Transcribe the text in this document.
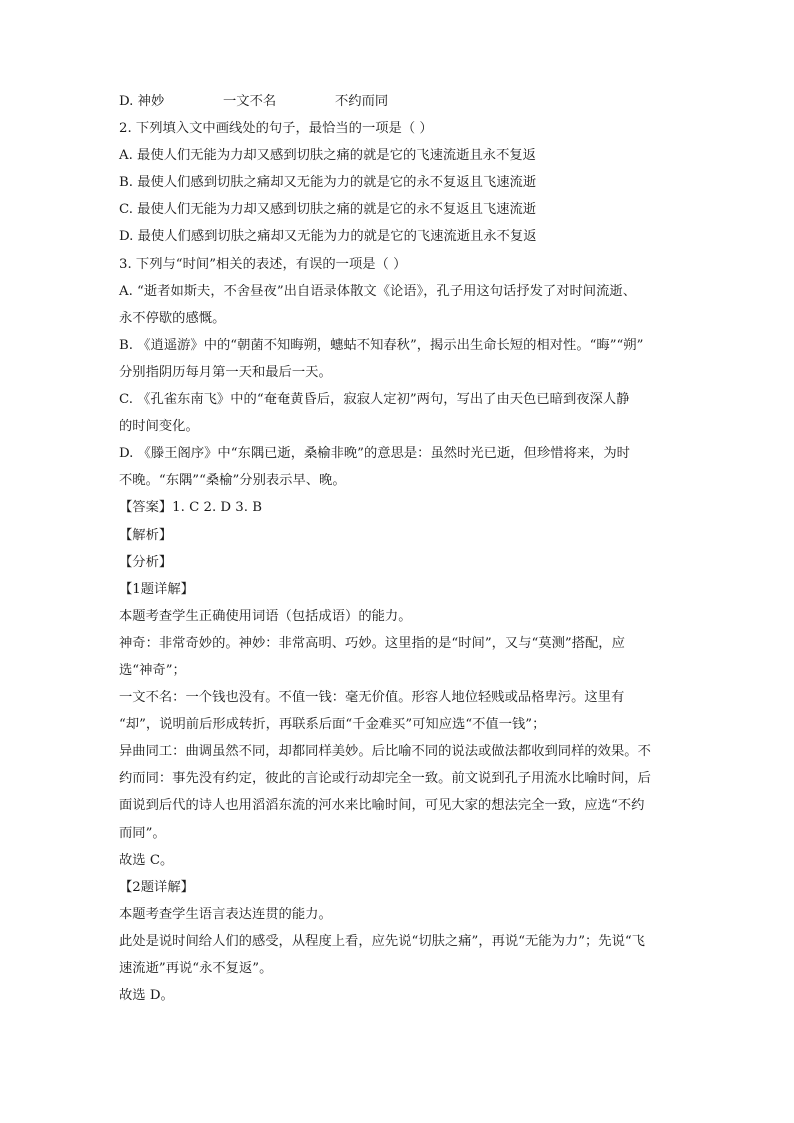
D. 神妙	一文不名	不约而同
2. 下列填入文中画线处的句子，最恰当的一项是（ ）
A. 最使人们无能为力却又感到切肤之痛的就是它的飞速流逝且永不复返
B. 最使人们感到切肤之痛却又无能为力的就是它的永不复返且飞速流逝
C. 最使人们无能为力却又感到切肤之痛的就是它的永不复返且飞速流逝
D. 最使人们感到切肤之痛却又无能为力的就是它的飞速流逝且永不复返
3. 下列与“时间”相关的表述，有误的一项是（ ）
A. “逝者如斯夫，不舍昼夜”出自语录体散文《论语》，孔子用这句话抒发了对时间流逝、
永不停歇的感慨。
B. 《逍遥游》中的“朝菌不知晦朔，蟪蛄不知春秋”，揭示出生命长短的相对性。“晦”“朔”
分别指阴历每月第一天和最后一天。
C. 《孔雀东南飞》中的“奄奄黄昏后，寂寂人定初”两句，写出了由天色已暗到夜深人静
的时间变化。
D. 《滕王阁序》中“东隅已逝，桑榆非晚”的意思是：虽然时光已逝，但珍惜将来，为时
不晚。“东隅”“桑榆”分别表示早、晚。
【答案】1. C 2. D 3. B
【解析】
【分析】
【1题详解】
本题考查学生正确使用词语（包括成语）的能力。
神奇：非常奇妙的。神妙：非常高明、巧妙。这里指的是“时间”，又与“莫测”搭配，应
选“神奇”；
一文不名：一个钱也没有。不值一钱：毫无价值。形容人地位轻贱或品格卑污。这里有
“却”，说明前后形成转折，再联系后面“千金难买”可知应选“不值一钱”；
异曲同工：曲调虽然不同，却都同样美妙。后比喻不同的说法或做法都收到同样的效果。不
约而同：事先没有约定，彼此的言论或行动却完全一致。前文说到孔子用流水比喻时间，后
面说到后代的诗人也用滔滔东流的河水来比喻时间，可见大家的想法完全一致，应选“不约
而同”。
故选 C。
【2题详解】
本题考查学生语言表达连贯的能力。
此处是说时间给人们的感受，从程度上看，应先说“切肤之痛”，再说“无能为力”；先说“飞
速流逝”再说“永不复返”。
故选 D。
